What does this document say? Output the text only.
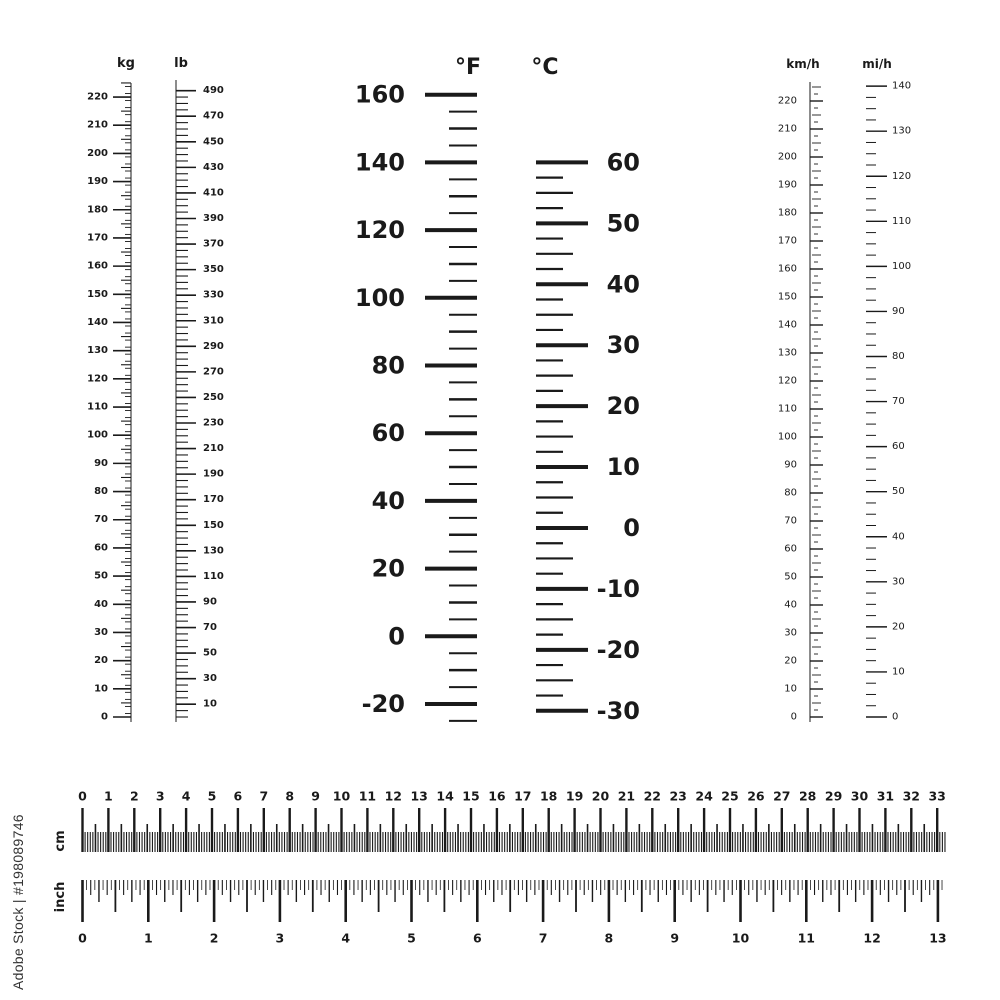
Adobe Stock | #198089746
kg	lb
0
10
20
30
40
50
60
70
80
90
100
110
120
130
140
150
160
170
180
190
200
210
220
10
30
50
70
90
110
130
150
170
190
210
230
250
270
290
310
330
350
370
390
410
430
450
470
490
°F °C
-20
0
20
40
60
80
100
120
140
160
-30
-20
-10
0
10
20
30
40
50
60
km/h	mi/h
0
10
20
30
40
50
60
70
80
90
100
110
120
130
140
150
160
170
180
190
200
210
220
0
10
20
30
40
50
60
70
80
90
100
110
120
130
140
cm
inch
0 1 2 3 4 5 6 7 8 9 10 11 12 13 14 15 16 17 18 19 20 21 22 23 24 25 26 27 28 29 30 31 32 33
0	1	2	3	4	5	6	7	8	9	10	11	12	13
